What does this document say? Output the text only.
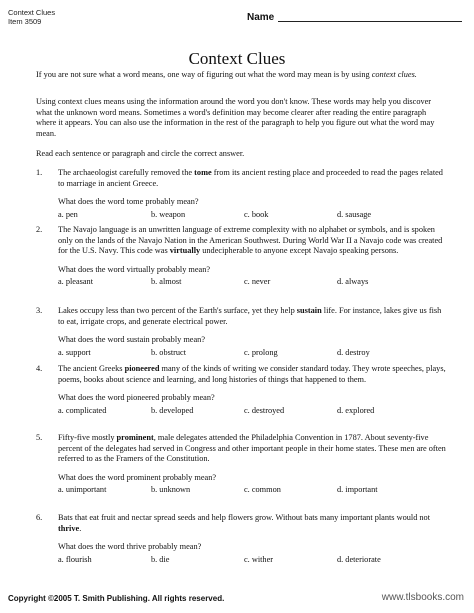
Context Clues
Item 3509	Name
Context Clues
If you are not sure what a word means, one way of figuring out what the word may mean is by using context clues.
Using context clues means using the information around the word you don't know. These words may help you discover what the unknown word means. Sometimes a word's definition may become clearer after reading the entire paragraph where it appears. You can also use the information in the rest of the paragraph to help you figure out what the word may mean.
Read each sentence or paragraph and circle the correct answer.
1. The archaeologist carefully removed the tome from its ancient resting place and proceeded to read the pages related to marriage in ancient Greece.
What does the word tome probably mean?
a. pen	b. weapon	c. book	d. sausage
2. The Navajo language is an unwritten language of extreme complexity with no alphabet or symbols, and is spoken only on the lands of the Navajo Nation in the American Southwest. During World War II a Navajo code was created for the U.S. Navy. This code was virtually undecipherable to anyone except Navajo speaking persons.
What does the word virtually probably mean?
a. pleasant	b. almost	c. never	d. always
3. Lakes occupy less than two percent of the Earth's surface, yet they help sustain life. For instance, lakes give us fish to eat, irrigate crops, and generate electrical power.
What does the word sustain probably mean?
a. support	b. obstruct	c. prolong	d. destroy
4. The ancient Greeks pioneered many of the kinds of writing we consider standard today. They wrote speeches, plays, poems, books about science and learning, and long histories of things that happened to them.
What does the word pioneered probably mean?
a. complicated	b. developed	c. destroyed	d. explored
5. Fifty-five mostly prominent, male delegates attended the Philadelphia Convention in 1787. About seventy-five percent of the delegates had served in Congress and other important people in their home states. These men are often referred to as the Framers of the Constitution.
What does the word prominent probably mean?
a. unimportant	b. unknown	c. common	d. important
6. Bats that eat fruit and nectar spread seeds and help flowers grow. Without bats many important plants would not thrive.
What does the word thrive probably mean?
a. flourish	b. die	c. wither	d. deteriorate
Copyright ©2005 T. Smith Publishing. All rights reserved.	www.tlsbooks.com
